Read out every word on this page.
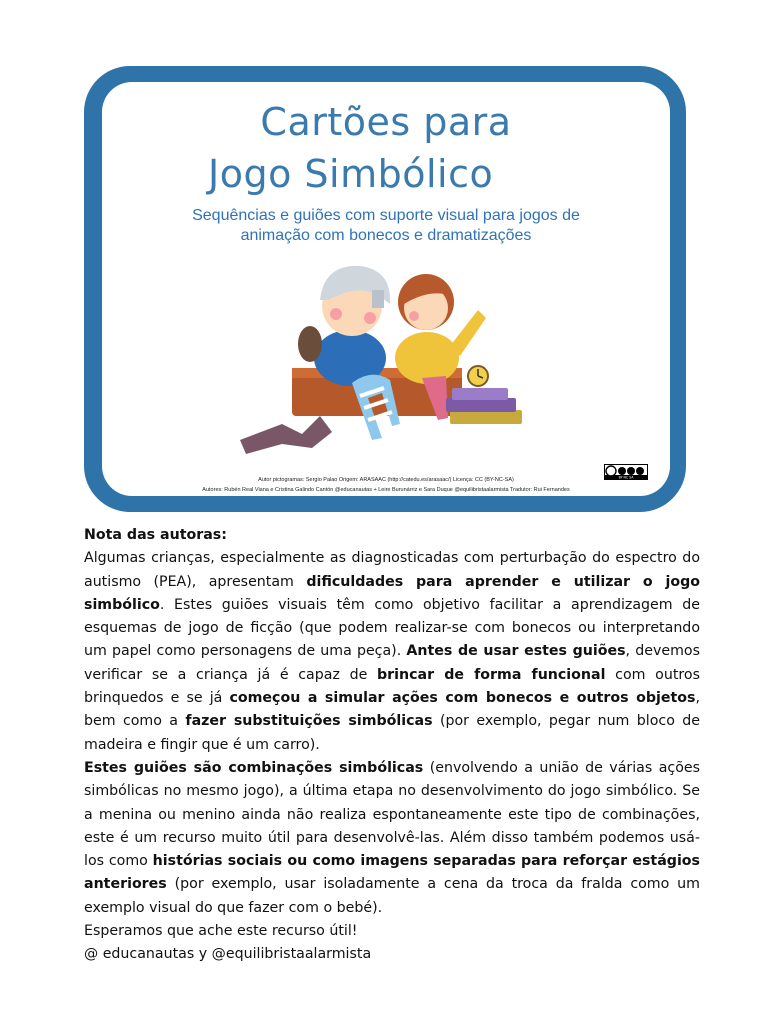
Cartões para
Jogo Simbólico
Sequências e guiões com suporte visual para jogos de
animação com bonecos e dramatizações
Autor pictogramas: Sergio Palao Origem: ARASAAC (http://catedu.es/arasaac/) Licença: CC (BY-NC-SA)
Autores: Rubén Real Viana e Cristina Galindo Cantón @educanautas + Leire Burunárriz e Sara Duque @equilibristaalarmista Tradutor: Rui Fernandes
BY NC SA

Nota das autoras:

Algumas crianças, especialmente as diagnosticadas com perturbação do espectro do autismo (PEA), apresentam dificuldades para aprender e utilizar o jogo simbólico. Estes guiões visuais têm como objetivo facilitar a aprendizagem de esquemas de jogo de ficção (que podem realizar-se com bonecos ou interpretando um papel como personagens de uma peça). Antes de usar estes guiões, devemos verificar se a criança já é capaz de brincar de forma funcional com outros brinquedos e se já começou a simular ações com bonecos e outros objetos, bem como a fazer substituições simbólicas (por exemplo, pegar num bloco de madeira e fingir que é um carro).

Estes guiões são combinações simbólicas (envolvendo a união de várias ações simbólicas no mesmo jogo), a última etapa no desenvolvimento do jogo simbólico. Se a menina ou menino ainda não realiza espontaneamente este tipo de combinações, este é um recurso muito útil para desenvolvê-las. Além disso também podemos usá-los como histórias sociais ou como imagens separadas para reforçar estágios anteriores (por exemplo, usar isoladamente a cena da troca da fralda como um exemplo visual do que fazer com o bebé).

Esperamos que ache este recurso útil!

@ educanautas y @equilibristaalarmista
